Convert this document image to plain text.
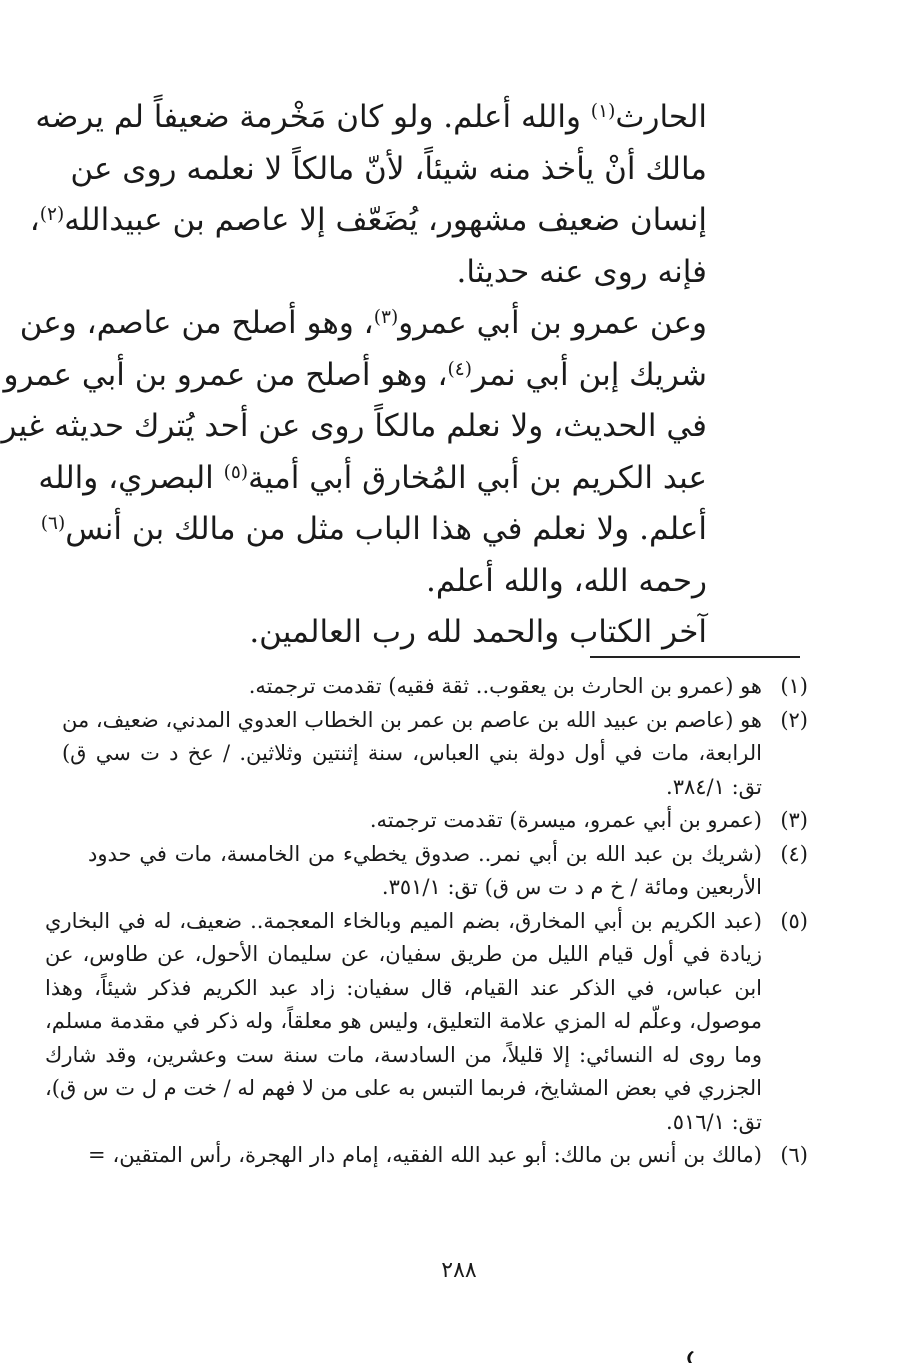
الحارث$^{(١)}$ والله أعلم. ولو كان مَخْرمة ضعيفاً لم يرضه
مالك أنْ يأخذ منه شيئاً، لأنّ مالكاً لا نعلمه روى عن
إنسان ضعيف مشهور، يُضَعّف إلا عاصم بن عبيدالله$^{(٢)}$،
فإنه روى عنه حديثا.
وعن عمرو بن أبي عمرو$^{(٣)}$، وهو أصلح من عاصم، وعن
شريك إبن أبي نمر$^{(٤)}$، وهو أصلح من عمرو بن أبي عمرو
في الحديث، ولا نعلم مالكاً روى عن أحد يُترك حديثه غير
عبد الكريم بن أبي المُخارق أبي أمية$^{(٥)}$ البصري، والله
أعلم. ولا نعلم في هذا الباب مثل من مالك بن أنس$^{(٦)}$
رحمه الله، والله أعلم.
آخر الكتاب والحمد لله رب العالمين.
(١)
هو (عمرو بن الحارث بن يعقوب.. ثقة فقيه) تقدمت ترجمته.
(٢)
هو (عاصم بن عبيد الله بن عاصم بن عمر بن الخطاب العدوي المدني، ضعيف، من
الرابعة، مات في أول دولة بني العباس، سنة إثنتين وثلاثين. / عخ د ت سي ق)
تق: ٣٨٤/١.
(٣)
(عمرو بن أبي عمرو، ميسرة) تقدمت ترجمته.
(٤)
(شريك بن عبد الله بن أبي نمر.. صدوق يخطيء من الخامسة، مات في حدود
الأربعين ومائة / خ م د ت س ق) تق: ٣٥١/١.
(٥)
(عبد الكريم بن أبي المخارق، بضم الميم وبالخاء المعجمة.. ضعيف، له في البخاري
زيادة في أول قيام الليل من طريق سفيان، عن سليمان الأحول، عن طاوس، عن
ابن عباس، في الذكر عند القيام، قال سفيان: زاد عبد الكريم فذكر شيئاً، وهذا
موصول، وعلّم له المزي علامة التعليق، وليس هو معلقاً، وله ذكر في مقدمة مسلم،
وما روى له النسائي: إلا قليلاً، من السادسة، مات سنة ست وعشرين، وقد شارك
الجزري في بعض المشايخ، فربما التبس به على من لا فهم له / خت م ل ت س ق)،
تق: ٥١٦/١.
(٦)
(مالك بن أنس بن مالك: أبو عبد الله الفقيه، إمام دار الهجرة، رأس المتقين، =
٢٨٨
